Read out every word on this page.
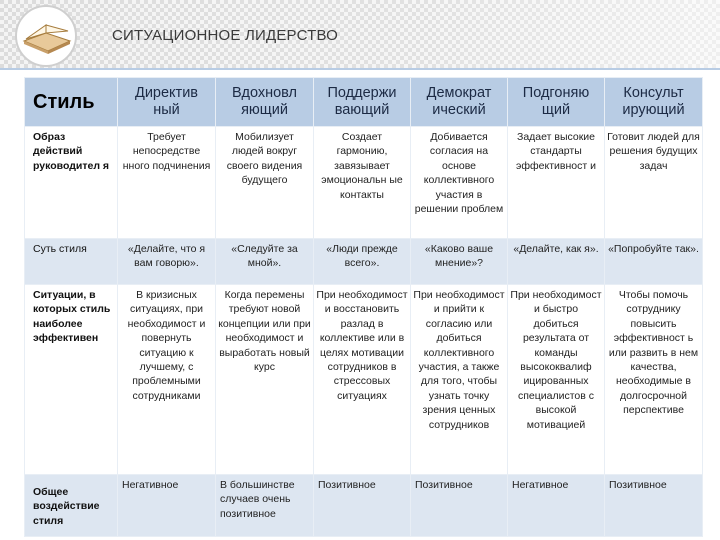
СИТУАЦИОННОЕ ЛИДЕРСТВО
Стиль	Директив ный	Вдохновл яющий	Поддержи вающий	Демократ ический	Подгоняю щий	Консульт ирующий
Образ действий руководител я	Требует непосредстве нного подчинения	Мобилизует людей вокруг своего видения будущего	Создает гармонию, завязывает эмоциональн ые контакты	Добивается согласия на основе коллективного участия в решении проблем	Задает высокие стандарты эффективност и	Готовит людей для решения будущих задач
Суть стиля	«Делайте, что я вам говорю».	«Следуйте за мной».	«Люди прежде всего».	«Каково ваше мнение»?	«Делайте, как я».	«Попробуйте так».
Ситуации, в которых стиль наиболее эффективен	В кризисных ситуациях, при необходимост и повернуть ситуацию к лучшему, с проблемными сотрудниками	Когда перемены требуют новой концепции или при необходимост и выработать новый курс	При необходимост и восстановить разлад в коллективе или в целях мотивации сотрудников в стрессовых ситуациях	При необходимост и прийти к согласию или добиться коллективного участия, а также для того, чтобы узнать точку зрения ценных сотрудников	При необходимост и быстро добиться результата от команды высококвалиф ицированных специалистов с высокой мотивацией	Чтобы помочь сотруднику повысить эффективност ь или развить в нем качества, необходимые в долгосрочной перспективе
Общее воздействие стиля	Негативное	В большинстве случаев очень позитивное	Позитивное	Позитивное	Негативное	Позитивное
